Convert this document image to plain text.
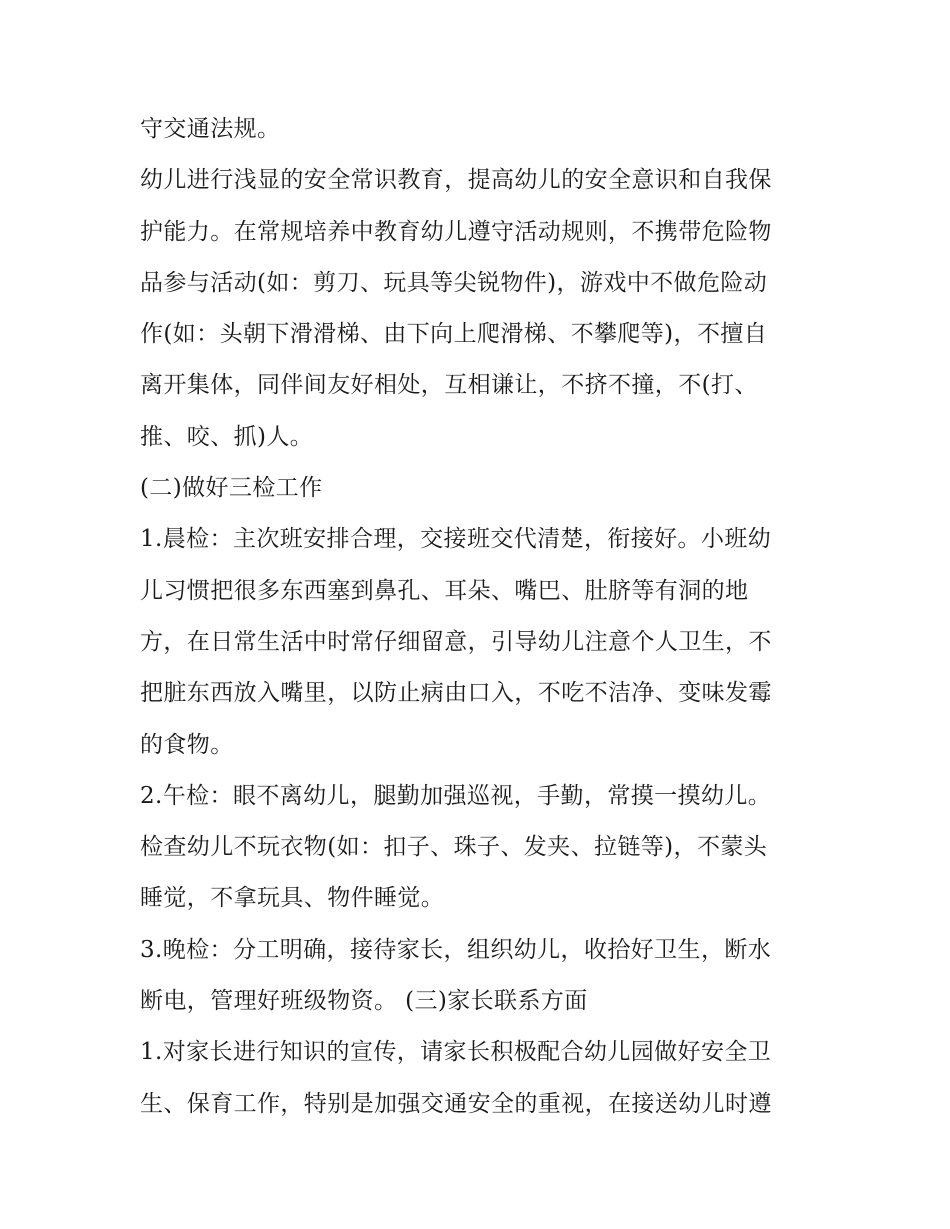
守交通法规。
幼儿进行浅显的安全常识教育，提高幼儿的安全意识和自我保
护能力。在常规培养中教育幼儿遵守活动规则，不携带危险物
品参与活动(如：剪刀、玩具等尖锐物件)，游戏中不做危险动
作(如：头朝下滑滑梯、由下向上爬滑梯、不攀爬等)，不擅自
离开集体，同伴间友好相处，互相谦让，不挤不撞，不(打、
推、咬、抓)人。
(二)做好三检工作
1.晨检：主次班安排合理，交接班交代清楚，衔接好。小班幼
儿习惯把很多东西塞到鼻孔、耳朵、嘴巴、肚脐等有洞的地
方，在日常生活中时常仔细留意，引导幼儿注意个人卫生，不
把脏东西放入嘴里，以防止病由口入，不吃不洁净、变味发霉
的食物。
2.午检：眼不离幼儿，腿勤加强巡视，手勤，常摸一摸幼儿。
检查幼儿不玩衣物(如：扣子、珠子、发夹、拉链等)，不蒙头
睡觉，不拿玩具、物件睡觉。
3.晚检：分工明确，接待家长，组织幼儿，收拾好卫生，断水
断电，管理好班级物资。 (三)家长联系方面
1.对家长进行知识的宣传，请家长积极配合幼儿园做好安全卫
生、保育工作，特别是加强交通安全的重视，在接送幼儿时遵
